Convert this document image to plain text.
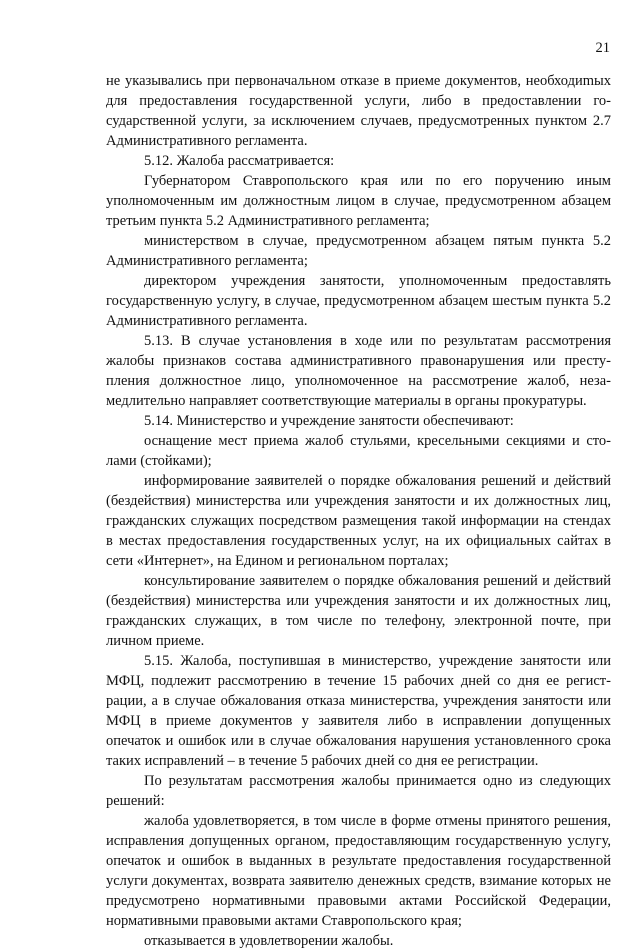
21

не указывались при первоначальном отказе в приеме документов, необходиmых для предоставления государственной услуги, либо в предоставлении государственной услуги, за исключением случаев, предусмотренных пунктом 2.7 Административного регламента.

5.12. Жалоба рассматривается:

Губернатором Ставропольского края или по его поручению иным уполномоченным им должностным лицом в случае, предусмотренном абзацем третьим пункта 5.2 Административного регламента;

министерством в случае, предусмотренном абзацем пятым пункта 5.2 Административного регламента;

директором учреждения занятости, уполномоченным предоставлять государственную услугу, в случае, предусмотренном абзацем шестым пункта 5.2 Административного регламента.

5.13. В случае установления в ходе или по результатам рассмотрения жалобы признаков состава административного правонарушения или преступления должностное лицо, уполномоченное на рассмотрение жалоб, незамедлительно направляет соответствующие материалы в органы прокуратуры.

5.14. Министерство и учреждение занятости обеспечивают:

оснащение мест приема жалоб стульями, кресельными секциями и столами (стойками);

информирование заявителей о порядке обжалования решений и действий (бездействия) министерства или учреждения занятости и их должностных лиц, гражданских служащих посредством размещения такой информации на стендах в местах предоставления государственных услуг, на их официальных сайтах в сети «Интернет», на Едином и региональном порталах;

консультирование заявителем о порядке обжалования решений и действий (бездействия) министерства или учреждения занятости и их должностных лиц, гражданских служащих, в том числе по телефону, электронной почте, при личном приеме.

5.15. Жалоба, поступившая в министерство, учреждение занятости или МФЦ, подлежит рассмотрению в течение 15 рабочих дней со дня ее регистрации, а в случае обжалования отказа министерства, учреждения занятости или МФЦ в приеме документов у заявителя либо в исправлении допущенных опечаток и ошибок или в случае обжалования нарушения установленного срока таких исправлений – в течение 5 рабочих дней со дня ее регистрации.

По результатам рассмотрения жалобы принимается одно из следующих решений:

жалоба удовлетворяется, в том числе в форме отмены принятого решения, исправления допущенных органом, предоставляющим государственную услугу, опечаток и ошибок в выданных в результате предоставления государственной услуги документах, возврата заявителю денежных средств, взимание которых не предусмотрено нормативными правовыми актами Российской Федерации, нормативными правовыми актами Ставропольского края;

отказывается в удовлетворении жалобы.
